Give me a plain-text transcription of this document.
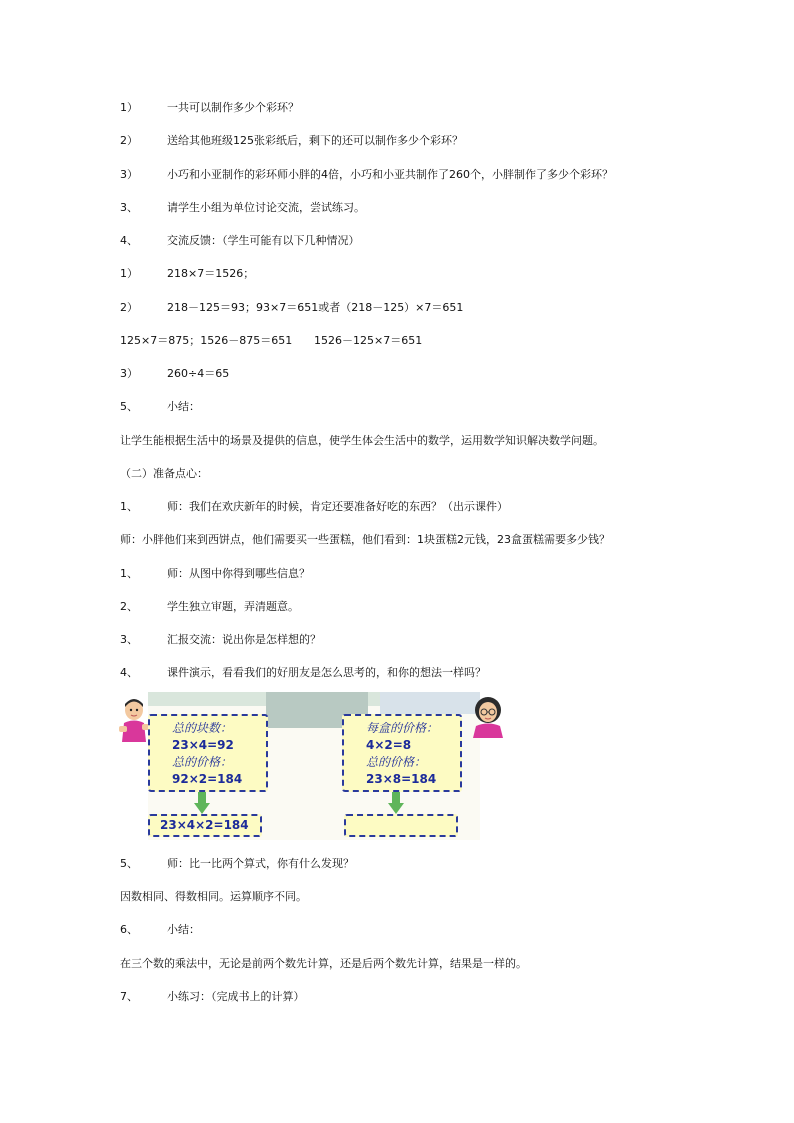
1）	一共可以制作多少个彩环？
2）	送给其他班级125张彩纸后，剩下的还可以制作多少个彩环？
3）	小巧和小亚制作的彩环师小胖的4倍，小巧和小亚共制作了260个，小胖制作了多少个彩环？
3、	请学生小组为单位讨论交流，尝试练习。
4、	交流反馈：（学生可能有以下几种情况）
1）	218×7＝1526；
2）	218－125＝93；93×7＝651或者（218－125）×7＝651
125×7＝875；1526－875＝651 1526－125×7＝651
3）	260÷4＝65
5、	小结：
让学生能根据生活中的场景及提供的信息，使学生体会生活中的数学，运用数学知识解决数学问题。
（二）准备点心：
1、	师：我们在欢庆新年的时候，肯定还要准备好吃的东西？（出示课件）
师：小胖他们来到西饼点，他们需要买一些蛋糕，他们看到：1块蛋糕2元钱，23盒蛋糕需要多少钱？
1、	师：从图中你得到哪些信息？
2、	学生独立审题，弄清题意。
3、	汇报交流：说出你是怎样想的？
4、	课件演示，看看我们的好朋友是怎么思考的，和你的想法一样吗？
总的块数：
23×4=92
总的价格：
92×2=184
每盒的价格：
4×2=8
总的价格：
23×8=184
23×4×2=184
5、	师：比一比两个算式，你有什么发现？
因数相同、得数相同。运算顺序不同。
6、	小结：
在三个数的乘法中，无论是前两个数先计算，还是后两个数先计算，结果是一样的。
7、	小练习：（完成书上的计算）
